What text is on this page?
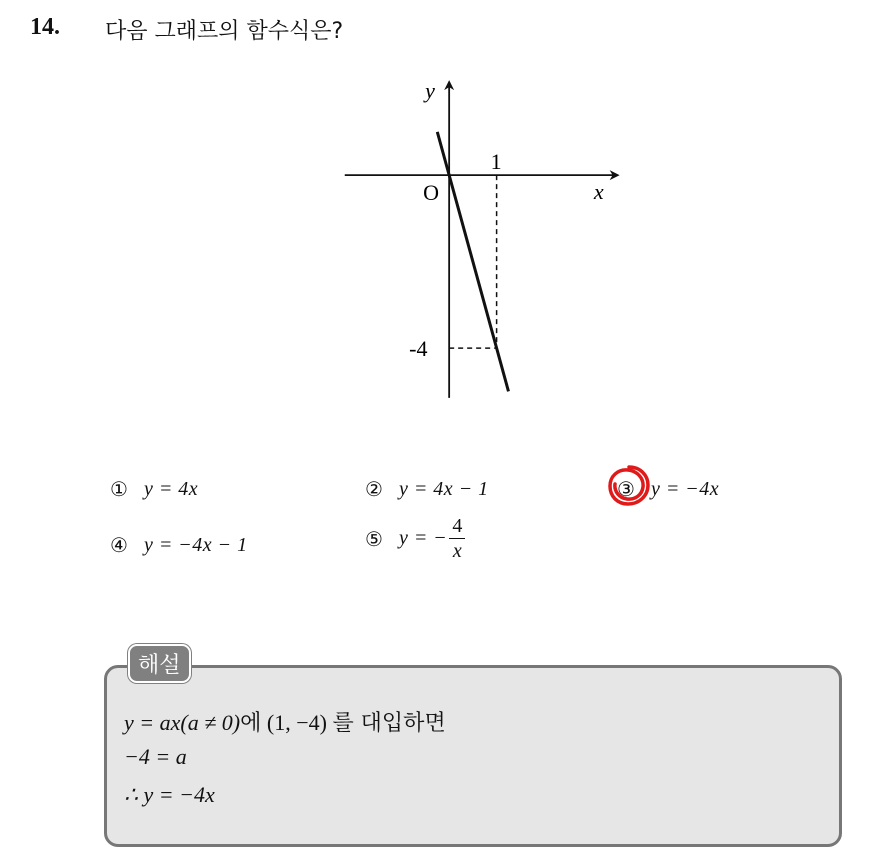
14. 다음 그래프의 함수식은?
x
y
O
1
-4
① y = 4x	② y = 4x − 1	③ y = −4x
④ y = −4x − 1	⑤ y = − $\frac{4}{x}$
해설
y = ax(a ≠ 0)에 (1, −4) 를 대입하면
−4 = a
∴ y = −4x
